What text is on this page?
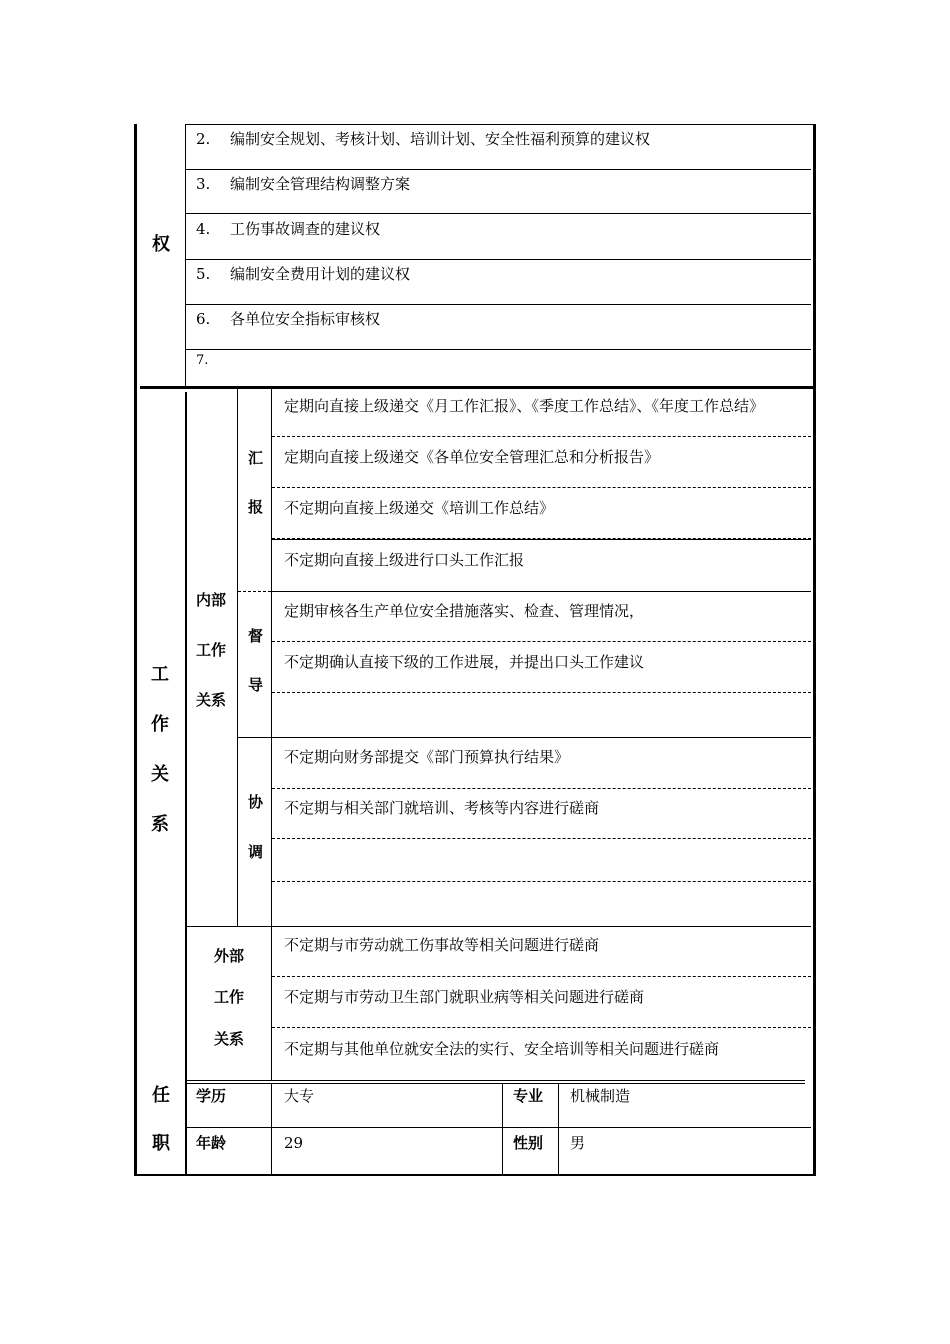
权
2. 编制安全规划、考核计划、培训计划、安全性福利预算的建议权
3. 编制安全管理结构调整方案
4. 工伤事故调查的建议权
5. 编制安全费用计划的建议权
6. 各单位安全指标审核权
7.
工
作
关
系
内部
工作
关系
汇
报
定期向直接上级递交《月工作汇报》、《季度工作总结》、《年度工作总结》
定期向直接上级递交《各单位安全管理汇总和分析报告》
不定期向直接上级递交《培训工作总结》
不定期向直接上级进行口头工作汇报
督
导
定期审核各生产单位安全措施落实、检查、管理情况，
不定期确认直接下级的工作进展，并提出口头工作建议
协
调
不定期向财务部提交《部门预算执行结果》
不定期与相关部门就培训、考核等内容进行磋商
外部
工作
关系
不定期与市劳动就工伤事故等相关问题进行磋商
不定期与市劳动卫生部门就职业病等相关问题进行磋商
不定期与其他单位就安全法的实行、安全培训等相关问题进行磋商
任
职
学历	大专	专业 机械制造
年龄	29	性别 男
